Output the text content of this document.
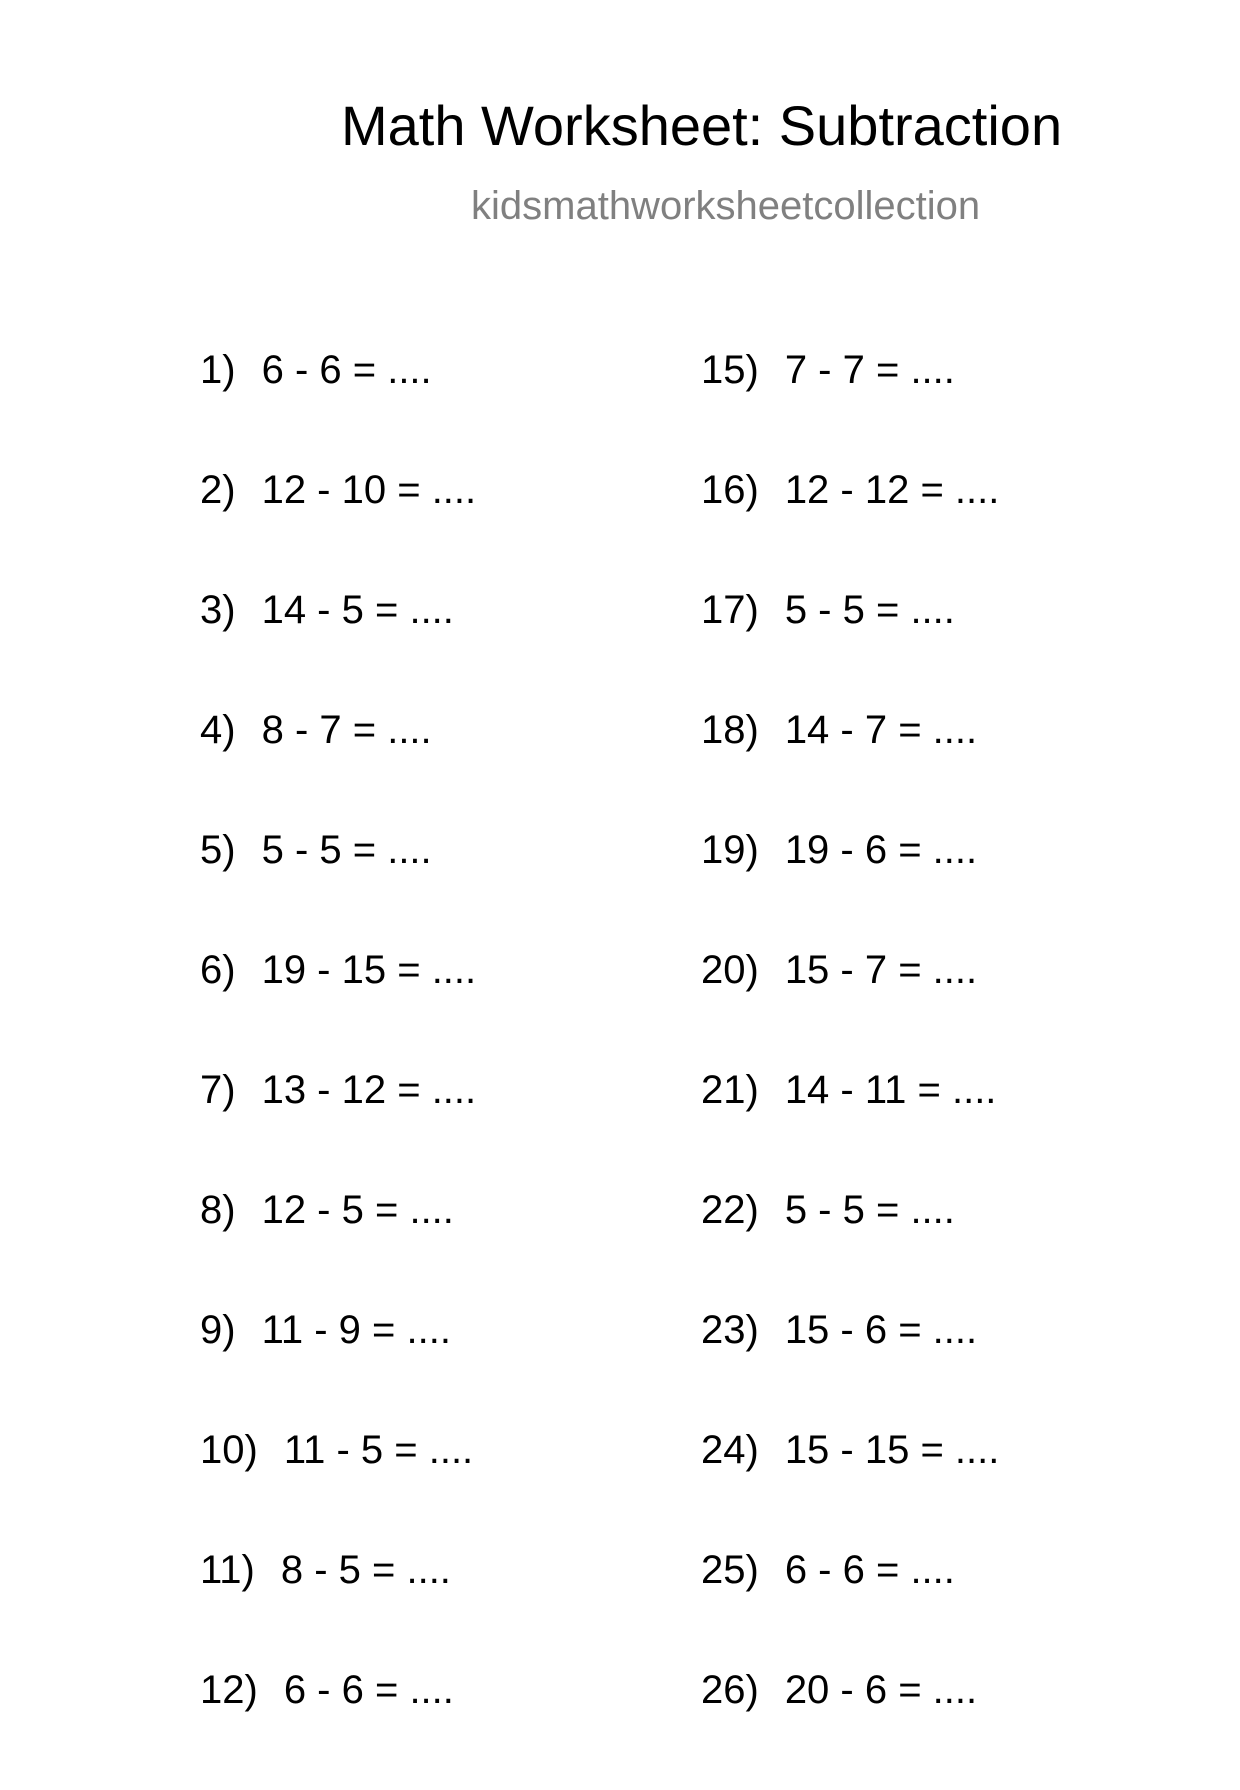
Math Worksheet: Subtraction
kidsmathworksheetcollection
1) 6 - 6 = ....
2) 12 - 10 = ....
3) 14 - 5 = ....
4) 8 - 7 = ....
5) 5 - 5 = ....
6) 19 - 15 = ....
7) 13 - 12 = ....
8) 12 - 5 = ....
9) 11 - 9 = ....
10) 11 - 5 = ....
11) 8 - 5 = ....
12) 6 - 6 = ....
15) 7 - 7 = ....
16) 12 - 12 = ....
17) 5 - 5 = ....
18) 14 - 7 = ....
19) 19 - 6 = ....
20) 15 - 7 = ....
21) 14 - 11 = ....
22) 5 - 5 = ....
23) 15 - 6 = ....
24) 15 - 15 = ....
25) 6 - 6 = ....
26) 20 - 6 = ....
